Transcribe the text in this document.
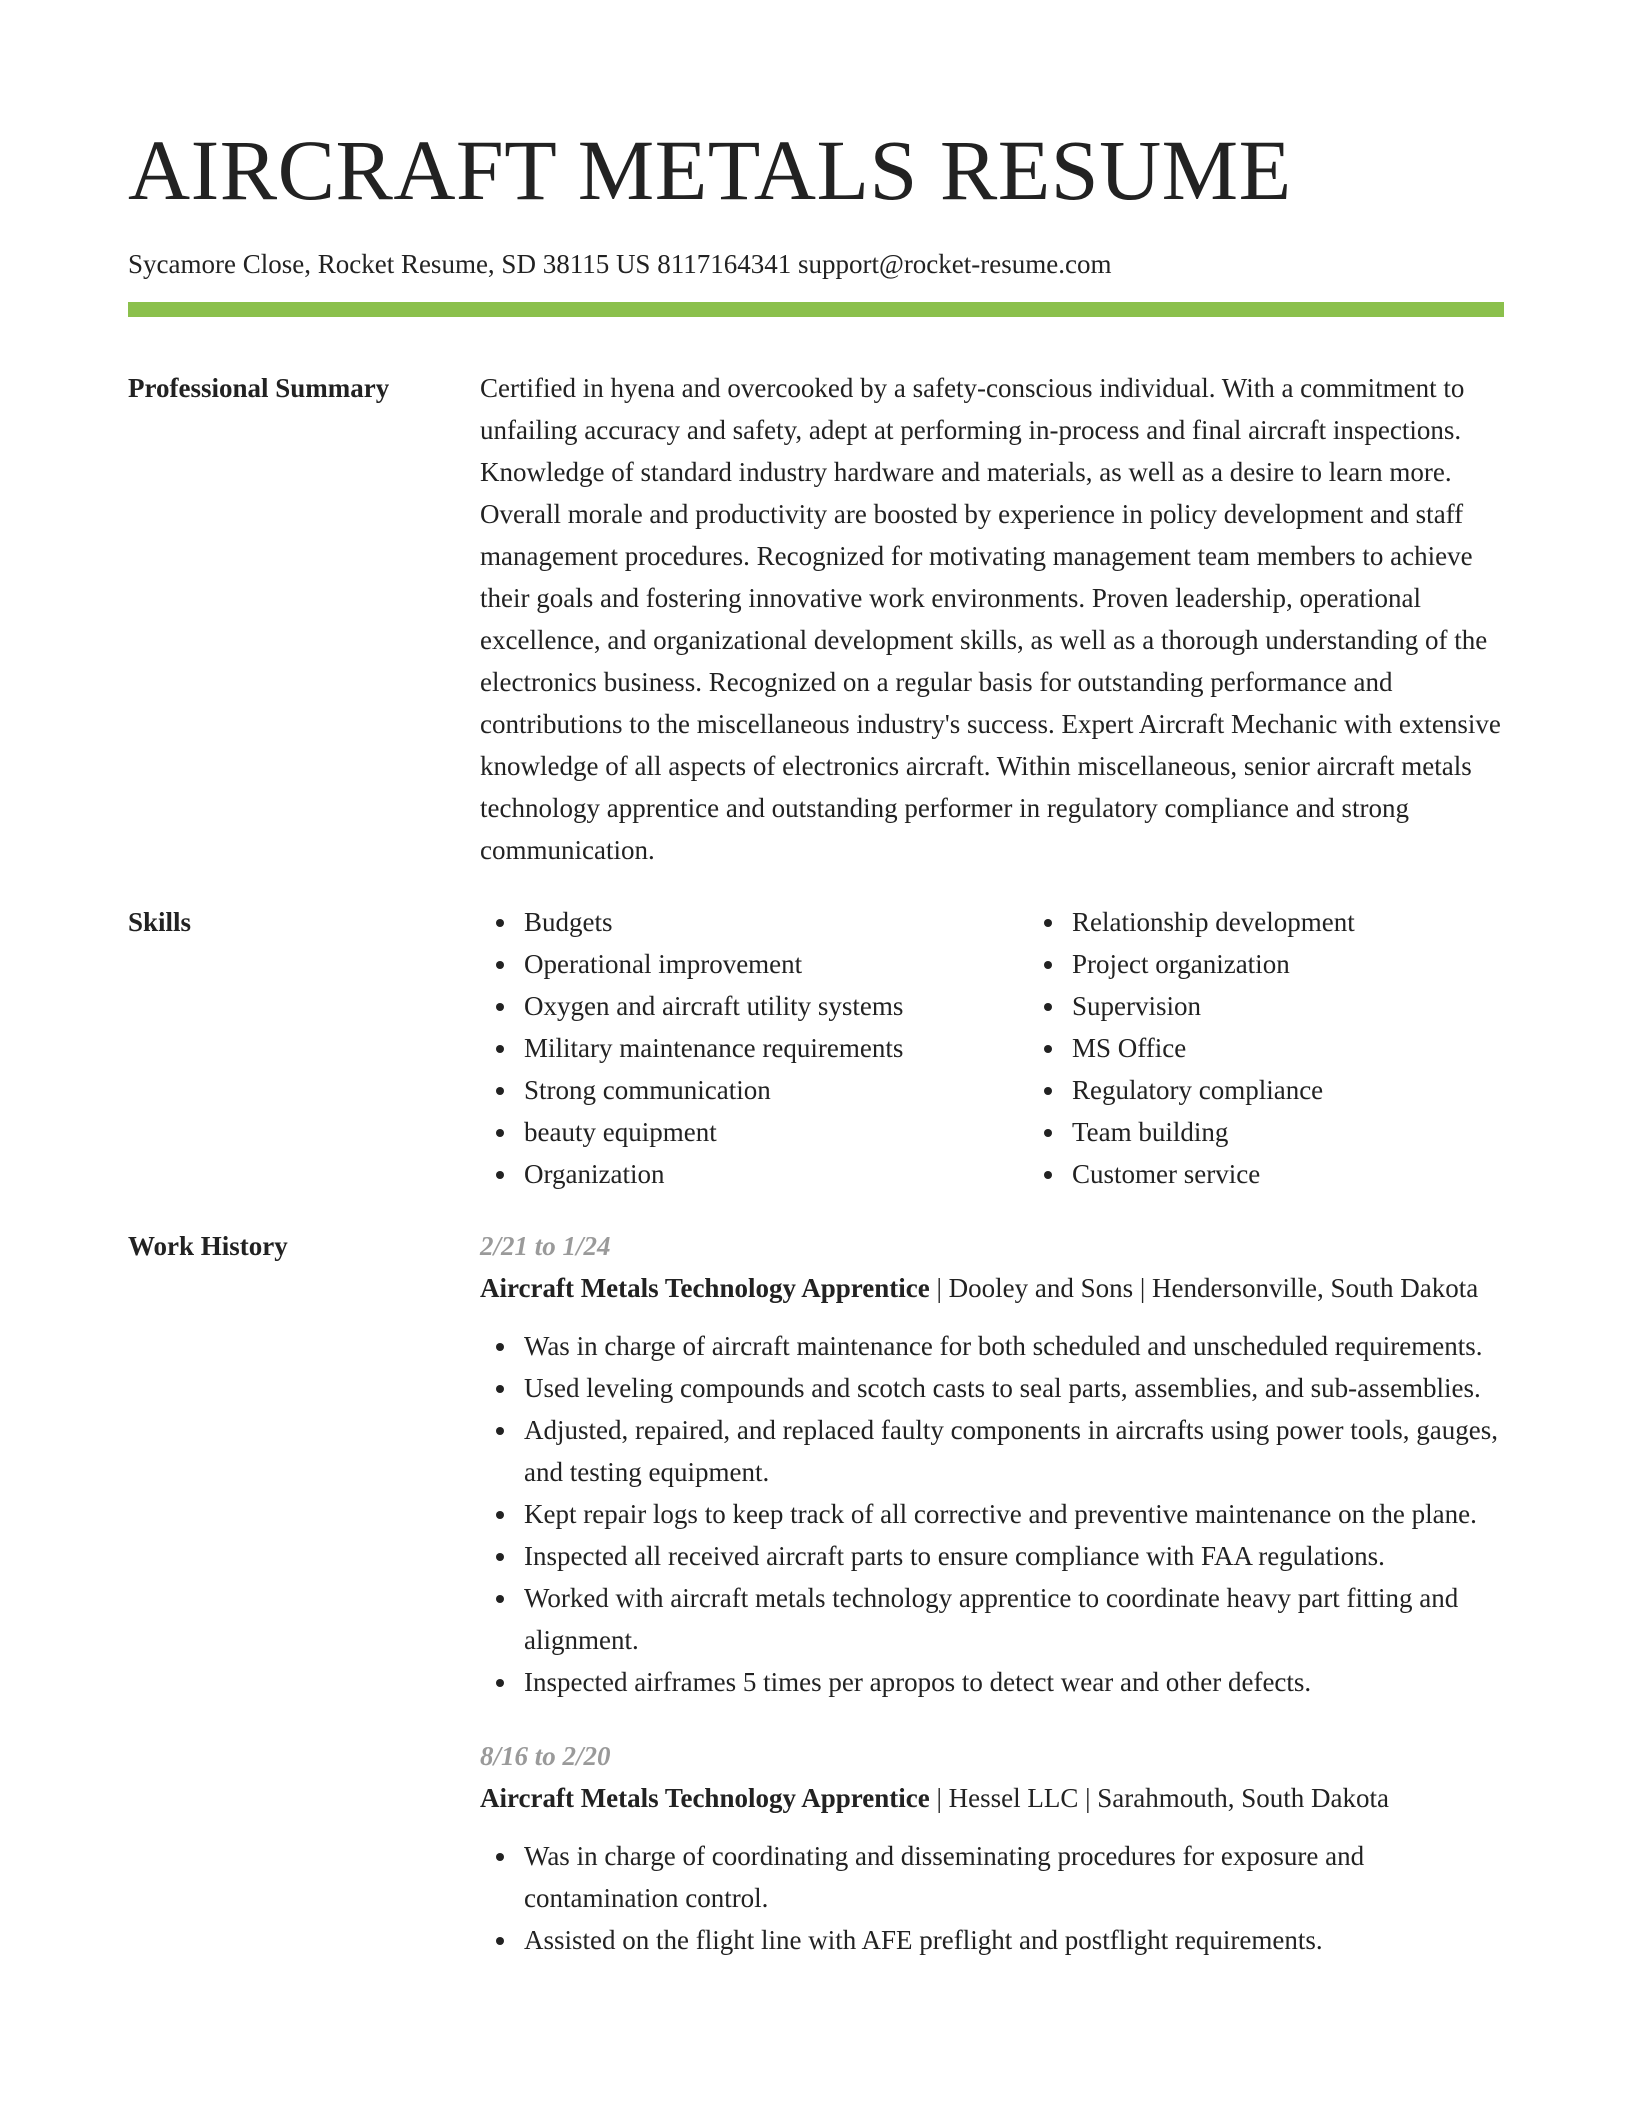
AIRCRAFT METALS RESUME
Sycamore Close, Rocket Resume, SD 38115 US 8117164341 support@rocket-resume.com
Professional Summary	Certified in hyena and overcooked by a safety-conscious individual. With a commitment to unfailing accuracy and safety, adept at performing in-process and final aircraft inspections. Knowledge of standard industry hardware and materials, as well as a desire to learn more. Overall morale and productivity are boosted by experience in policy development and staff management procedures. Recognized for motivating management team members to achieve their goals and fostering innovative work environments. Proven leadership, operational excellence, and organizational development skills, as well as a thorough understanding of the electronics business. Recognized on a regular basis for outstanding performance and contributions to the miscellaneous industry's success. Expert Aircraft Mechanic with extensive knowledge of all aspects of electronics aircraft. Within miscellaneous, senior aircraft metals technology apprentice and outstanding performer in regulatory compliance and strong communication.
Skills	Budgets
Operational improvement
Oxygen and aircraft utility systems
Military maintenance requirements
Strong communication
beauty equipment
Organization
Relationship development
Project organization
Supervision
MS Office
Regulatory compliance
Team building
Customer service
Work History	2/21 to 1/24
Aircraft Metals Technology Apprentice | Dooley and Sons | Hendersonville, South Dakota
Was in charge of aircraft maintenance for both scheduled and unscheduled requirements.
Used leveling compounds and scotch casts to seal parts, assemblies, and sub-assemblies.
Adjusted, repaired, and replaced faulty components in aircrafts using power tools, gauges, and testing equipment.
Kept repair logs to keep track of all corrective and preventive maintenance on the plane.
Inspected all received aircraft parts to ensure compliance with FAA regulations.
Worked with aircraft metals technology apprentice to coordinate heavy part fitting and alignment.
Inspected airframes 5 times per apropos to detect wear and other defects.
8/16 to 2/20
Aircraft Metals Technology Apprentice | Hessel LLC | Sarahmouth, South Dakota
Was in charge of coordinating and disseminating procedures for exposure and contamination control.
Assisted on the flight line with AFE preflight and postflight requirements.
